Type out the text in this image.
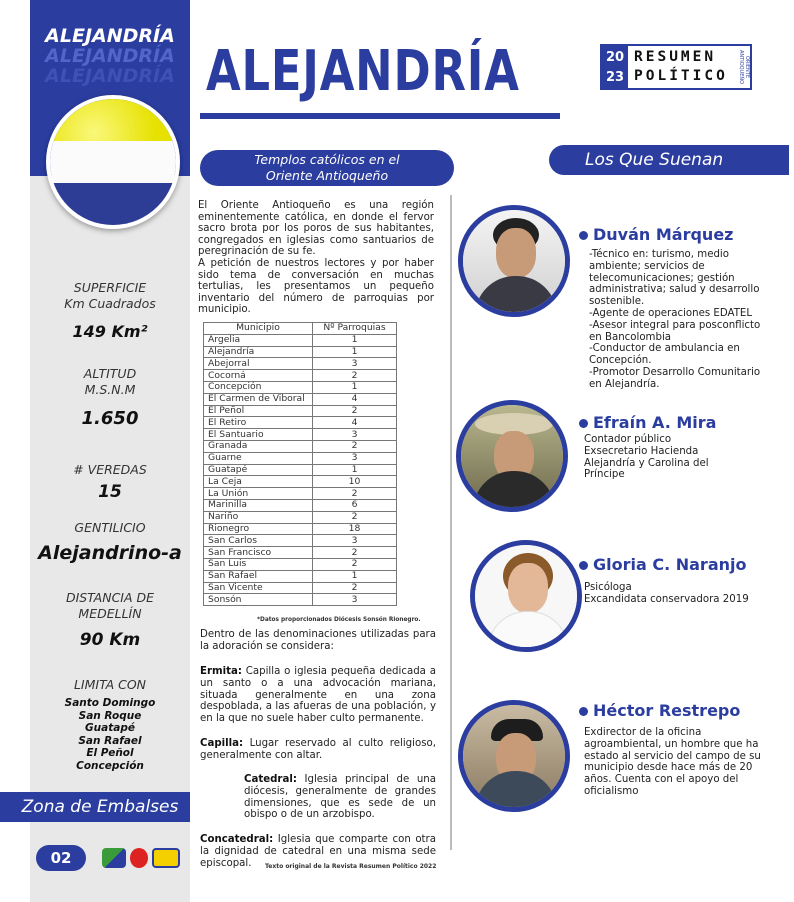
ALEJANDRÍA
ALEJANDRÍA
ALEJANDRÍA
SUPERFICIE
Km Cuadrados
149 Km²
ALTITUD
M.S.N.M
1.650
# VEREDAS
15
GENTILICIO
Alejandrino-a
DISTANCIA DE
MEDELLÍN
90 Km
LIMITA CON
Santo Domingo
San Roque
Guatapé
San Rafael
El Peñol
Concepción
Zona de Embalses
02
ALEJANDRÍA	20
23
RESUMEN
POLÍTICO	ORIENTE ANTIOQUEÑO
Templos católicos en el
Oriente Antioqueño
Los Que Suenan

El Oriente Antioqueño es una región eminentemente católica, en donde el fervor sacro brota por los poros de sus habitantes, congregados en iglesias como santuarios de peregrinación de su fe.

A petición de nuestros lectores y por haber sido tema de conversación en muchas tertulias, les presentamos un pequeño inventario del número de parroquias por municipio.

Municipio	Nº Parroquias
Argelia	1
Alejandría	1
Abejorral	3
Cocorná	2
Concepción	1
El Carmen de Viboral	4
El Peñol	2
El Retiro	4
El Santuario	3
Granada	2
Guarne	3
Guatapé	1
La Ceja	10
La Unión	2
Marinilla	6
Nariño	2
Rionegro	18
San Carlos	3
San Francisco	2
San Luis	2
San Rafael	1
San Vicente	2
Sonsón	3
*Datos proporcionados Diócesis Sonsón Rionegro.
Dentro de las denominaciones utilizadas para la adoración se considera:
Ermita: Capilla o iglesia pequeña dedicada a un santo o a una advocación mariana, situada generalmente en una zona despoblada, a las afueras de una población, y en la que no suele haber culto permanente.
Capilla: Lugar reservado al culto religioso, generalmente con altar.
Catedral: Iglesia principal de una diócesis, generalmente de grandes dimensiones, que es sede de un obispo o de un arzobispo.
Concatedral: Iglesia que comparte con otra la dignidad de catedral en una misma sede episcopal.	Texto original de la Revista Resumen Político 2022
Duván Márquez
-Técnico en: turismo, medio ambiente; servicios de telecomunicaciones; gestión administrativa; salud y desarrollo sostenible.
-Agente de operaciones EDATEL
-Asesor integral para posconflicto en Bancolombia
-Conductor de ambulancia en Concepción.
-Promotor Desarrollo Comunitario en Alejandría.
Efraín A. Mira
Contador público
Exsecretario Hacienda Alejandría y Carolina del Príncipe
Gloria C. Naranjo
Psicóloga
Excandidata conservadora 2019
Héctor Restrepo
Exdirector de la oficina agroambiental, un hombre que ha estado al servicio del campo de su municipio desde hace más de 20 años. Cuenta con el apoyo del oficialismo
